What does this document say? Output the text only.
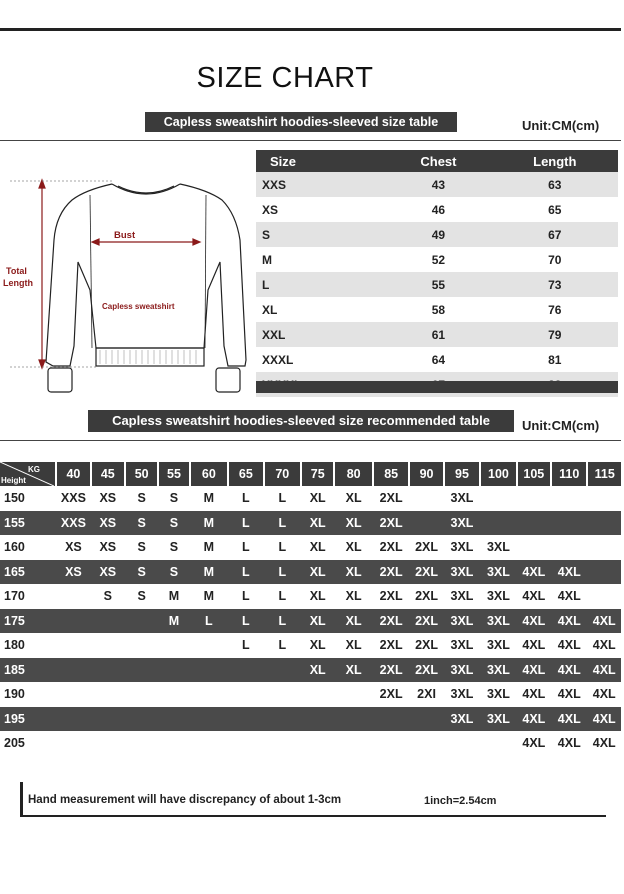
SIZE CHART
Capless sweatshirt hoodies-sleeved size table	Unit:CM(cm)
Bust
Total
Length
Capless sweatshirt
Size	Chest	Length
XXS	43	63
XS	46	65
S	49	67
M	52	70
L	55	73
XL	58	76
XXL	61	79
XXXL	64	81

Capless sweatshirt hoodies-sleeved size recommended table	Unit:CM(cm)
KG
Height	40	45	50	55	60	65	70	75	80	85	90	95	100	105	110	115
150	XXS	XS	S	S	M	L	L	XL	XL	2XL		3XL				
155	XXS	XS	S	S	M	L	L	XL	XL	2XL		3XL				
160	XS	XS	S	S	M	L	L	XL	XL	2XL	2XL	3XL	3XL			
165	XS	XS	S	S	M	L	L	XL	XL	2XL	2XL	3XL	3XL	4XL	4XL	
170		S	S	M	M	L	L	XL	XL	2XL	2XL	3XL	3XL	4XL	4XL	
175				M	L	L	L	XL	XL	2XL	2XL	3XL	3XL	4XL	4XL	4XL
180						L	L	XL	XL	2XL	2XL	3XL	3XL	4XL	4XL	4XL
185								XL	XL	2XL	2XL	3XL	3XL	4XL	4XL	4XL
190										2XL	2XI	3XL	3XL	4XL	4XL	4XL
195												3XL	3XL	4XL	4XL	4XL
205														4XL	4XL	4XL
Hand measurement will have discrepancy of about 1-3cm	1inch=2.54cm
